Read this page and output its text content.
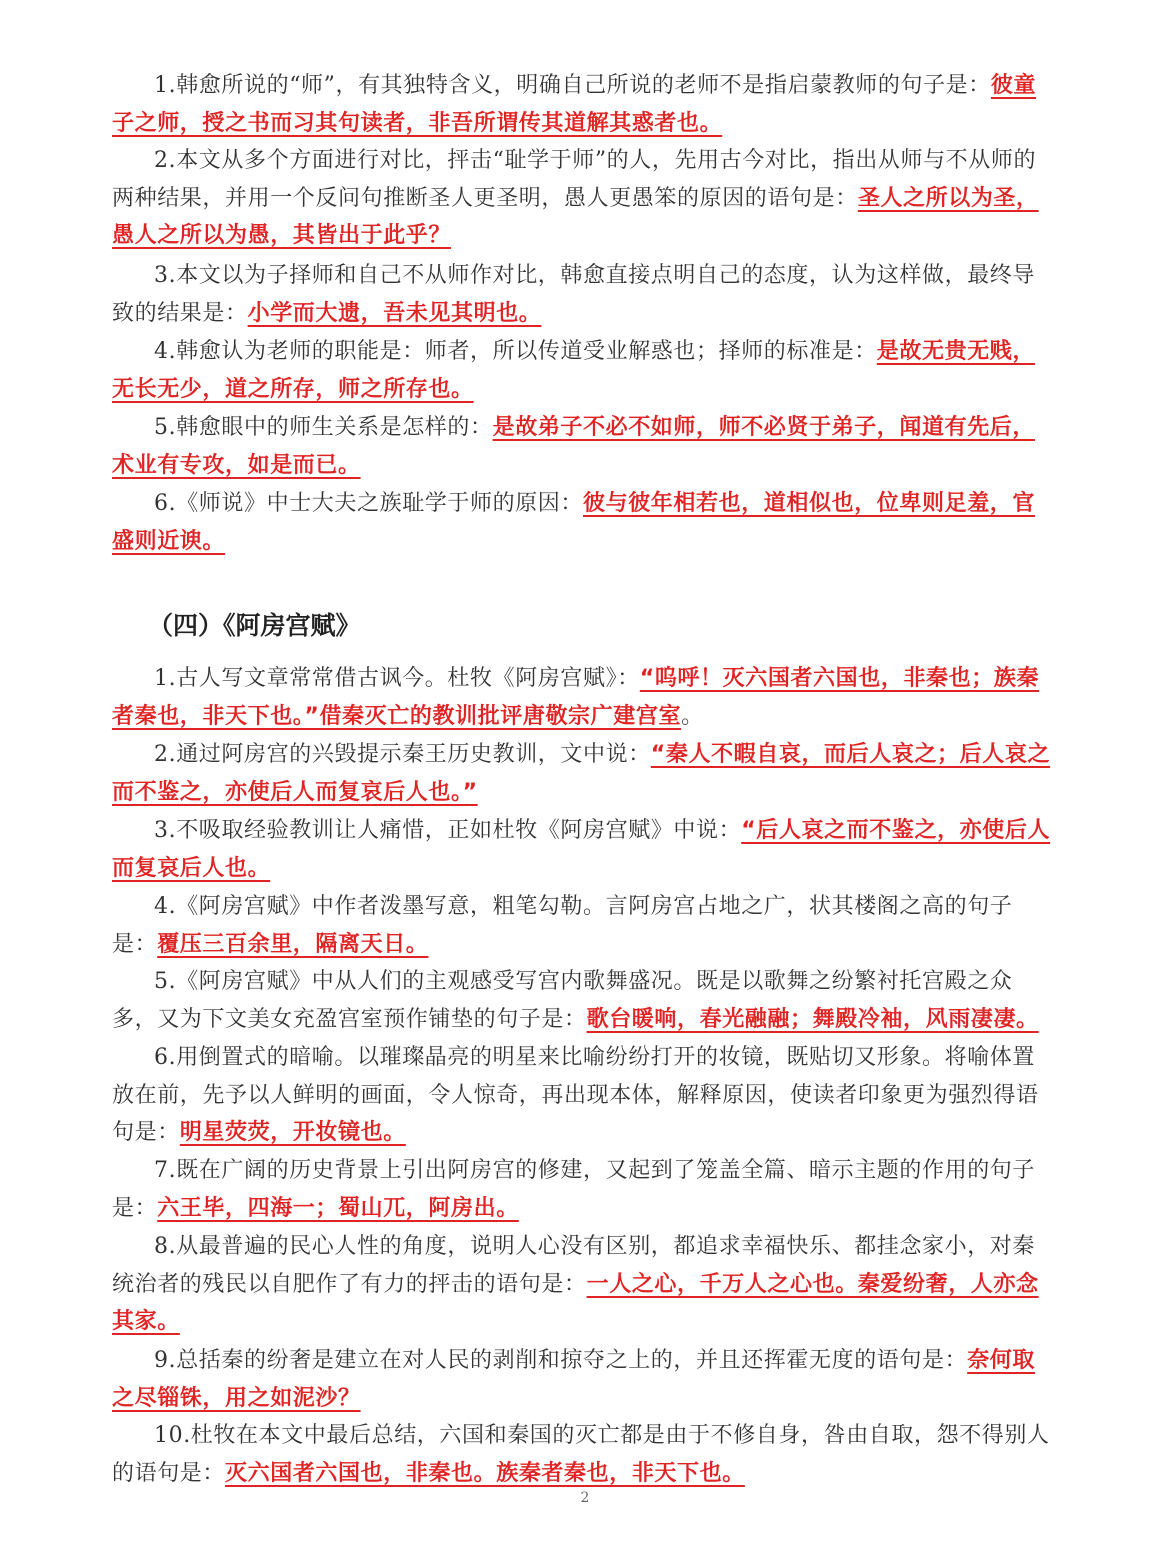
1.韩愈所说的“师”，有其独特含义，明确自己所说的老师不是指启蒙教师的句子是：彼童子之师，授之书而习其句读者，非吾所谓传其道解其惑者也。

2.本文从多个方面进行对比，抨击“耻学于师”的人，先用古今对比，指出从师与不从师的两种结果，并用一个反问句推断圣人更圣明，愚人更愚笨的原因的语句是：圣人之所以为圣，愚人之所以为愚，其皆出于此乎？

3.本文以为子择师和自己不从师作对比，韩愈直接点明自己的态度，认为这样做，最终导致的结果是：小学而大遗，吾未见其明也。

4.韩愈认为老师的职能是：师者，所以传道受业解惑也；择师的标准是：是故无贵无贱，无长无少，道之所存，师之所存也。

5.韩愈眼中的师生关系是怎样的：是故弟子不必不如师，师不必贤于弟子，闻道有先后，术业有专攻，如是而已。

6.《师说》中士大夫之族耻学于师的原因：彼与彼年相若也，道相似也，位卑则足羞，官盛则近谀。

（四）《阿房宫赋》

1.古人写文章常常借古讽今。杜牧《阿房宫赋》：“呜呼！灭六国者六国也，非秦也；族秦者秦也，非天下也。”借秦灭亡的教训批评唐敬宗广建宫室。

2.通过阿房宫的兴毁提示秦王历史教训，文中说：“秦人不暇自哀，而后人哀之；后人哀之而不鉴之，亦使后人而复哀后人也。”

3.不吸取经验教训让人痛惜，正如杜牧《阿房宫赋》中说：“后人哀之而不鉴之，亦使后人而复哀后人也。

4.《阿房宫赋》中作者泼墨写意，粗笔勾勒。言阿房宫占地之广，状其楼阁之高的句子是：覆压三百余里，隔离天日。

5.《阿房宫赋》中从人们的主观感受写宫内歌舞盛况。既是以歌舞之纷繁衬托宫殿之众多，又为下文美女充盈宫室预作铺垫的句子是：歌台暖响，春光融融；舞殿冷袖，风雨凄凄。

6.用倒置式的暗喻。以璀璨晶亮的明星来比喻纷纷打开的妆镜，既贴切又形象。将喻体置放在前，先予以人鲜明的画面，令人惊奇，再出现本体，解释原因，使读者印象更为强烈得语句是：明星荧荧，开妆镜也。

7.既在广阔的历史背景上引出阿房宫的修建，又起到了笼盖全篇、暗示主题的作用的句子是：六王毕，四海一；蜀山兀，阿房出。

8.从最普遍的民心人性的角度，说明人心没有区别，都追求幸福快乐、都挂念家小，对秦统治者的残民以自肥作了有力的抨击的语句是：一人之心，千万人之心也。秦爱纷奢，人亦念其家。

9.总括秦的纷奢是建立在对人民的剥削和掠夺之上的，并且还挥霍无度的语句是：奈何取之尽锱铢，用之如泥沙？

10.杜牧在本文中最后总结，六国和秦国的灭亡都是由于不修自身，咎由自取，怨不得别人的语句是：灭六国者六国也，非秦也。族秦者秦也，非天下也。

2
